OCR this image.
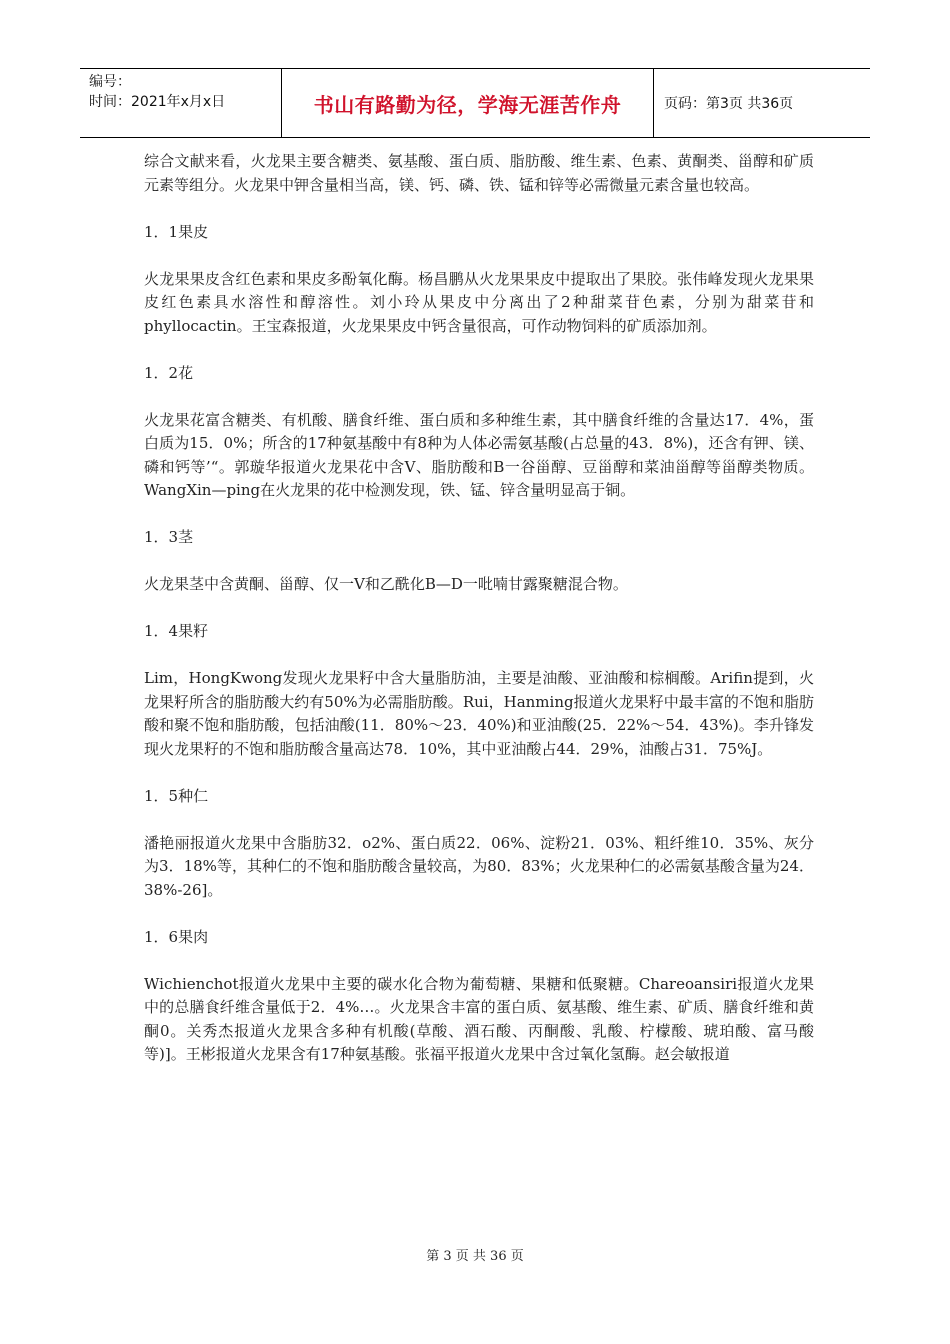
编号：
时间：2021年x月x日	书山有路勤为径，学海无涯苦作舟	页码：第3页 共36页
综合文献来看，火龙果主要含糖类、氨基酸、蛋白质、脂肪酸、维生素、色素、黄酮类、甾醇和矿质元素等组分。火龙果中钾含量相当高，镁、钙、磷、铁、锰和锌等必需微量元素含量也较高。
1．1果皮
火龙果果皮含红色素和果皮多酚氧化酶。杨昌鹏从火龙果果皮中提取出了果胶。张伟峰发现火龙果果皮红色素具水溶性和醇溶性。刘小玲从果皮中分离出了2种甜菜苷色素，分别为甜菜苷和phyllocactin。王宝森报道，火龙果果皮中钙含量很高，可作动物饲料的矿质添加剂。
1．2花
火龙果花富含糖类、有机酸、膳食纤维、蛋白质和多种维生素，其中膳食纤维的含量达17．4%，蛋白质为15．0%；所含的17种氨基酸中有8种为人体必需氨基酸(占总量的43．8%)，还含有钾、镁、磷和钙等’“。郭璇华报道火龙果花中含V、脂肪酸和B一谷甾醇、豆甾醇和菜油甾醇等甾醇类物质。WangXin—ping在火龙果的花中检测发现，铁、锰、锌含量明显高于铜。
1．3茎
火龙果茎中含黄酮、甾醇、仅一V和乙酰化B—D一吡喃甘露聚糖混合物。
1．4果籽
Lim，HongKwong发现火龙果籽中含大量脂肪油，主要是油酸、亚油酸和棕榈酸。Arifin提到，火龙果籽所含的脂肪酸大约有50%为必需脂肪酸。Rui，Hanming报道火龙果籽中最丰富的不饱和脂肪酸和聚不饱和脂肪酸，包括油酸(11．80%～23．40%)和亚油酸(25．22%～54．43%)。李升锋发现火龙果籽的不饱和脂肪酸含量高达78．10%，其中亚油酸占44．29%，油酸占31．75%J。
1．5种仁
潘艳丽报道火龙果中含脂肪32．o2%、蛋白质22．06%、淀粉21．03%、粗纤维10．35%、灰分为3．18%等，其种仁的不饱和脂肪酸含量较高，为80．83%；火龙果种仁的必需氨基酸含量为24．38%-26]。
1．6果肉
Wichienchot报道火龙果中主要的碳水化合物为葡萄糖、果糖和低聚糖。Chareoansiri报道火龙果中的总膳食纤维含量低于2．4%…。火龙果含丰富的蛋白质、氨基酸、维生素、矿质、膳食纤维和黄酮0。关秀杰报道火龙果含多种有机酸(草酸、酒石酸、丙酮酸、乳酸、柠檬酸、琥珀酸、富马酸等)]。王彬报道火龙果含有17种氨基酸。张福平报道火龙果中含过氧化氢酶。赵会敏报道
第 3 页 共 36 页
